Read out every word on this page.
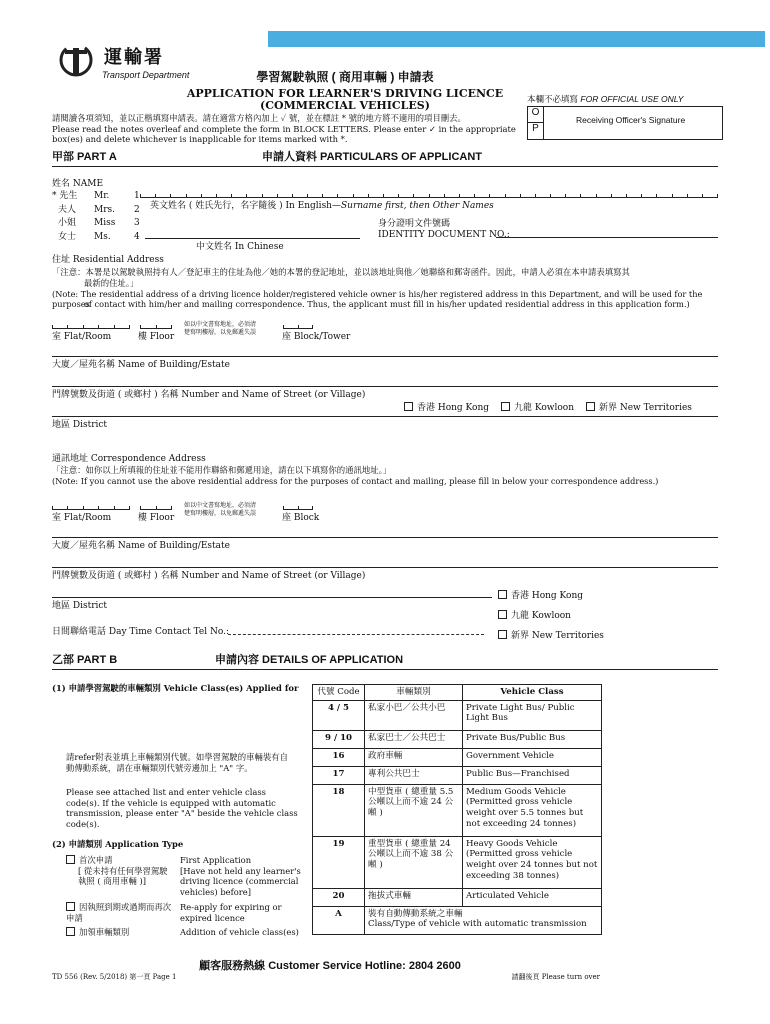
運輸署
Transport Department	學習駕駛執照 ( 商用車輛 ) 申請表
APPLICATION FOR LEARNER'S DRIVING LICENCE
(COMMERCIAL VEHICLES)	本欄不必填寫 FOR OFFICIAL USE ONLY
O
P
Receiving Officer's Signature
請閱讀各項須知，並以正楷填寫申請表。請在適當方格內加上 ✓ 號，並在標註 * 號的地方將不適用的項目刪去。
Please read the notes overleaf and complete the form in BLOCK LETTERS. Please enter ✓ in the appropriate
box(es) and delete whichever is inapplicable for items marked with *.
甲部 PART A	申請人資料 PARTICULARS OF APPLICANT
姓名 NAME
* 先生 Mr.	1
夫人 Mrs. 2
小姐 Miss 3
女士 Ms.	4
英文姓名 ( 姓氏先行，名字隨後 ) In English—Surname first, then Other Names
身分證明文件號碼
IDENTITY DOCUMENT NO.:
中文姓名 In Chinese
住址 Residential Address
「注意：本署是以駕駛執照持有人／登記車主的住址為他／她的本署的登記地址，並以該地址與他／她聯絡和郵寄函件。因此，申請人必須在本申請表填寫其
最新的住址。」
(Note: The residential address of a driving licence holder/registered vehicle owner is his/her registered address in this Department, and will be used for the purposes
of contact with him/her and mailing correspondence. Thus, the applicant must fill in his/her updated residential address in this application form.)
室 Flat/Room	樓 Floor
如以中文書寫地址，必須清
楚寫明樓層，以免郵遞失誤	座 Block/Tower
大廈／屋苑名稱 Name of Building/Estate
門牌號數及街道 ( 或鄉村 ) 名稱 Number and Name of Street (or Village)
香港 Hong Kong	九龍 Kowloon	新界 New Territories
地區 District
通訊地址 Correspondence Address
「注意：如你以上所填報的住址並不能用作聯絡和郵遞用途，請在以下填寫你的通訊地址。」
(Note: If you cannot use the above residential address for the purposes of contact and mailing, please fill in below your correspondence address.)
室 Flat/Room	樓 Floor
如以中文書寫地址，必須清
楚寫明樓層，以免郵遞失誤	座 Block
大廈／屋苑名稱 Name of Building/Estate
門牌號數及街道 ( 或鄉村 ) 名稱 Number and Name of Street (or Village)
地區 District
香港 Hong Kong
九龍 Kowloon
新界 New Territories
日間聯絡電話 Day Time Contact Tel No.:
乙部 PART B	申請內容 DETAILS OF APPLICATION
(1) 申請學習駕駛的車輛類別 Vehicle Class(es) Applied for 代號 Code	車輛類別	Vehicle Class
4 / 5	私家小巴／公共小巴	Private Light Bus/ Public Light Bus
9 / 10	私家巴士／公共巴士	Private Bus/Public Bus
16	政府車輛	Government Vehicle
17	專利公共巴士	Public Bus—Franchised
18	中型貨車 ( 總重量 5.5 公噸以上而不逾 24 公噸 )	Medium Goods Vehicle (Permitted gross vehicle weight over 5.5 tonnes but not exceeding 24 tonnes)
19	重型貨車 ( 總重量 24 公噸以上而不逾 38 公噸 )	Heavy Goods Vehicle (Permitted gross vehicle weight over 24 tonnes but not exceeding 38 tonnes)
20	拖拔式車輛	Articulated Vehicle
A	裝有自動傳動系統之車輛
Class/Type of vehicle with automatic transmission	
請refer附表並填上車輛類別代號。如學習駕駛的車輛裝有自動傳動系統，請在車輛類別代號旁邊加上 "A" 字。
Please see attached list and enter vehicle class code(s). If the vehicle is equipped with automatic transmission, please enter "A" beside the vehicle class code(s).
(2) 申請類別 Application Type
首次申請
[ 從未持有任何學習駕駛執照 ( 商用車輛 )]
First Application
[Have not held any learner's driving licence (commercial vehicles) before]
因執照到期或過期而再次申請
Re-apply for expiring or
expired licence
加領車輛類別	Addition of vehicle class(es)
顧客服務熱線 Customer Service Hotline: 2804 2600
TD 556 (Rev. 5/2018) 第一頁 Page 1	請翻後頁 Please turn over
